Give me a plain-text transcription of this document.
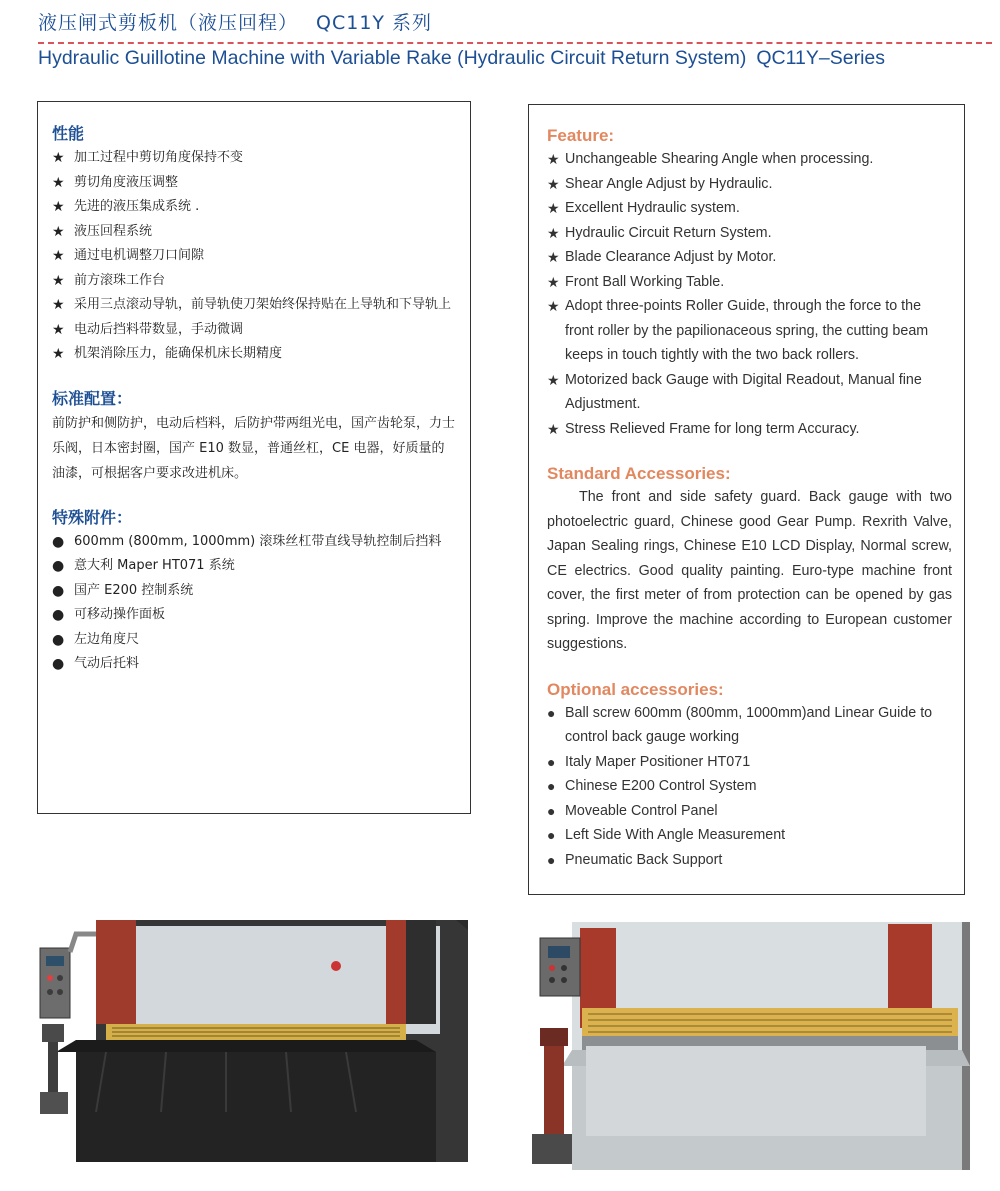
液压闸式剪板机（液压回程） QC11Y 系列
Hydraulic Guillotine Machine with Variable Rake (Hydraulic Circuit Return System) QC11Y–Series
性能
★ 加工过程中剪切角度保持不变
★ 剪切角度液压调整
★ 先进的液压集成系统 .
★ 液压回程系统
★ 通过电机调整刀口间隙
★ 前方滚珠工作台
★ 采用三点滚动导轨，前导轨使刀架始终保持贴在上导轨和下导轨上
★ 电动后挡料带数显，手动微调
★ 机架消除压力，能确保机床长期精度
标准配置：

前防护和侧防护，电动后档料，后防护带两组光电，国产齿轮泵，力士乐阀，日本密封圈，国产 E10 数显，普通丝杠，CE 电器，好质量的油漆，可根据客户要求改进机床。

特殊附件：
● 600mm (800mm, 1000mm) 滚珠丝杠带直线导轨控制后挡料
● 意大利 Maper HT071 系统
● 国产 E200 控制系统
● 可移动操作面板
● 左边角度尺
● 气动后托料
Feature:
★ Unchangeable Shearing Angle when processing.
★ Shear Angle Adjust by Hydraulic.
★ Excellent Hydraulic system.
★ Hydraulic Circuit Return System.
★ Blade Clearance Adjust by Motor.
★ Front Ball Working Table.
★ Adopt three-points Roller Guide, through the force to the front roller by the papilionaceous spring, the cutting beam keeps in touch tightly with the two back rollers.
★ Motorized back Gauge with Digital Readout, Manual fine Adjustment.
★ Stress Relieved Frame for long term Accuracy.
Standard Accessories:

The front and side safety guard. Back gauge with two photoelectric guard, Chinese good Gear Pump. Rexrith Valve, Japan Sealing rings, Chinese E10 LCD Display, Normal screw, CE electrics. Good quality painting. Euro-type machine front cover, the first meter of from protection can be opened by gas spring. Improve the machine according to European customer suggestions.

Optional accessories:
● Ball screw 600mm (800mm, 1000mm)and Linear Guide to control back gauge working
● Italy Maper Positioner HT071
● Chinese E200 Control System
● Moveable Control Panel
● Left Side With Angle Measurement
● Pneumatic Back Support
